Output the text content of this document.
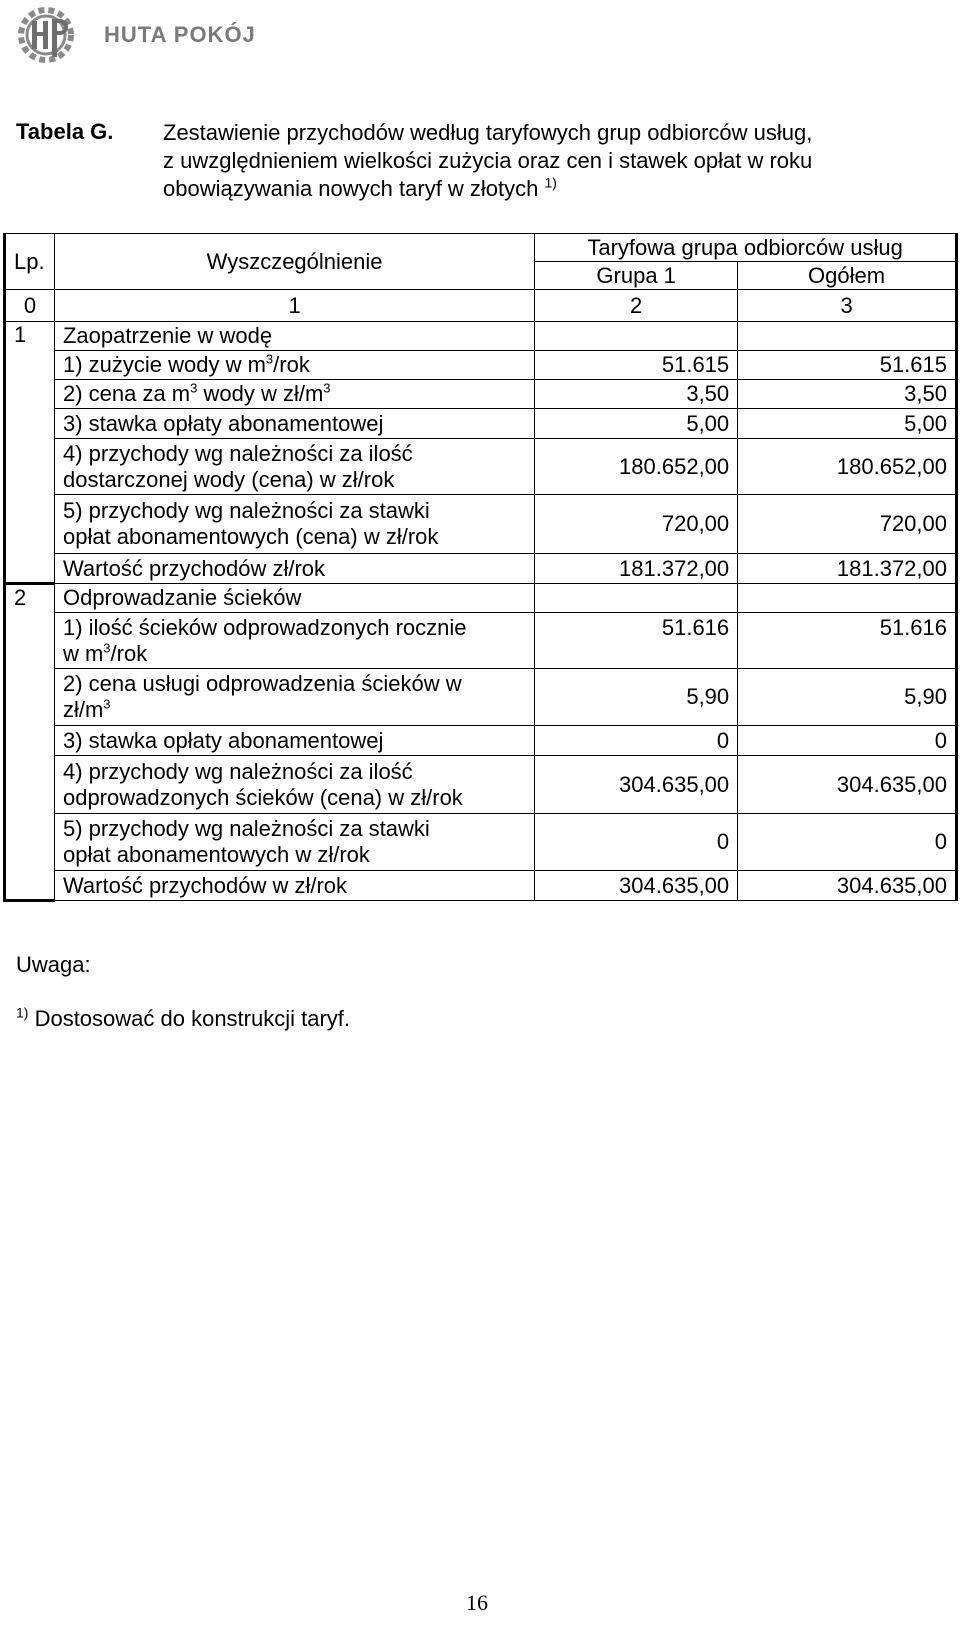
HUTA POKÓJ
Tabela G. Zestawienie przychodów według taryfowych grup odbiorców usług,
z uwzględnieniem wielkości zużycia oraz cen i stawek opłat w roku
obowiązywania nowych taryf w złotych $^{1)}$
Lp.	Wyszczególnienie	Taryfowa grupa odbiorców usług	
		Grupa 1	Ogółem
0	1	2	3
1	Zaopatrzenie w wodę		
	1) zużycie wody w $m^3$/rok	51.615	51.615
	2) cena za $m^3$ wody w $zł/m^3$	3,50	3,50
	3) stawka opłaty abonamentowej	5,00	5,00

	4) przychody wg należności za ilość
dostarczonej wody (cena) w zł/rok	180.652,00	180.652,00

	5) przychody wg należności za stawki
opłat abonamentowych (cena) w zł/rok	720,00	720,00
	Wartość przychodów zł/rok	181.372,00	181.372,00
2	Odprowadzanie ścieków		

	1) ilość ścieków odprowadzonych rocznie
w $m^3$/rok	51.616	51.616

	2) cena usługi odprowadzenia ścieków w
$zł/m^3$	5,90	5,90
	3) stawka opłaty abonamentowej	0	0

	4) przychody wg należności za ilość
odprowadzonych ścieków (cena) w zł/rok	304.635,00	304.635,00

	5) przychody wg należności za stawki
opłat abonamentowych w zł/rok	0	0
	Wartość przychodów w zł/rok	304.635,00	304.635,00
Uwaga:
$^{1)}$ Dostosować do konstrukcji taryf.
16
